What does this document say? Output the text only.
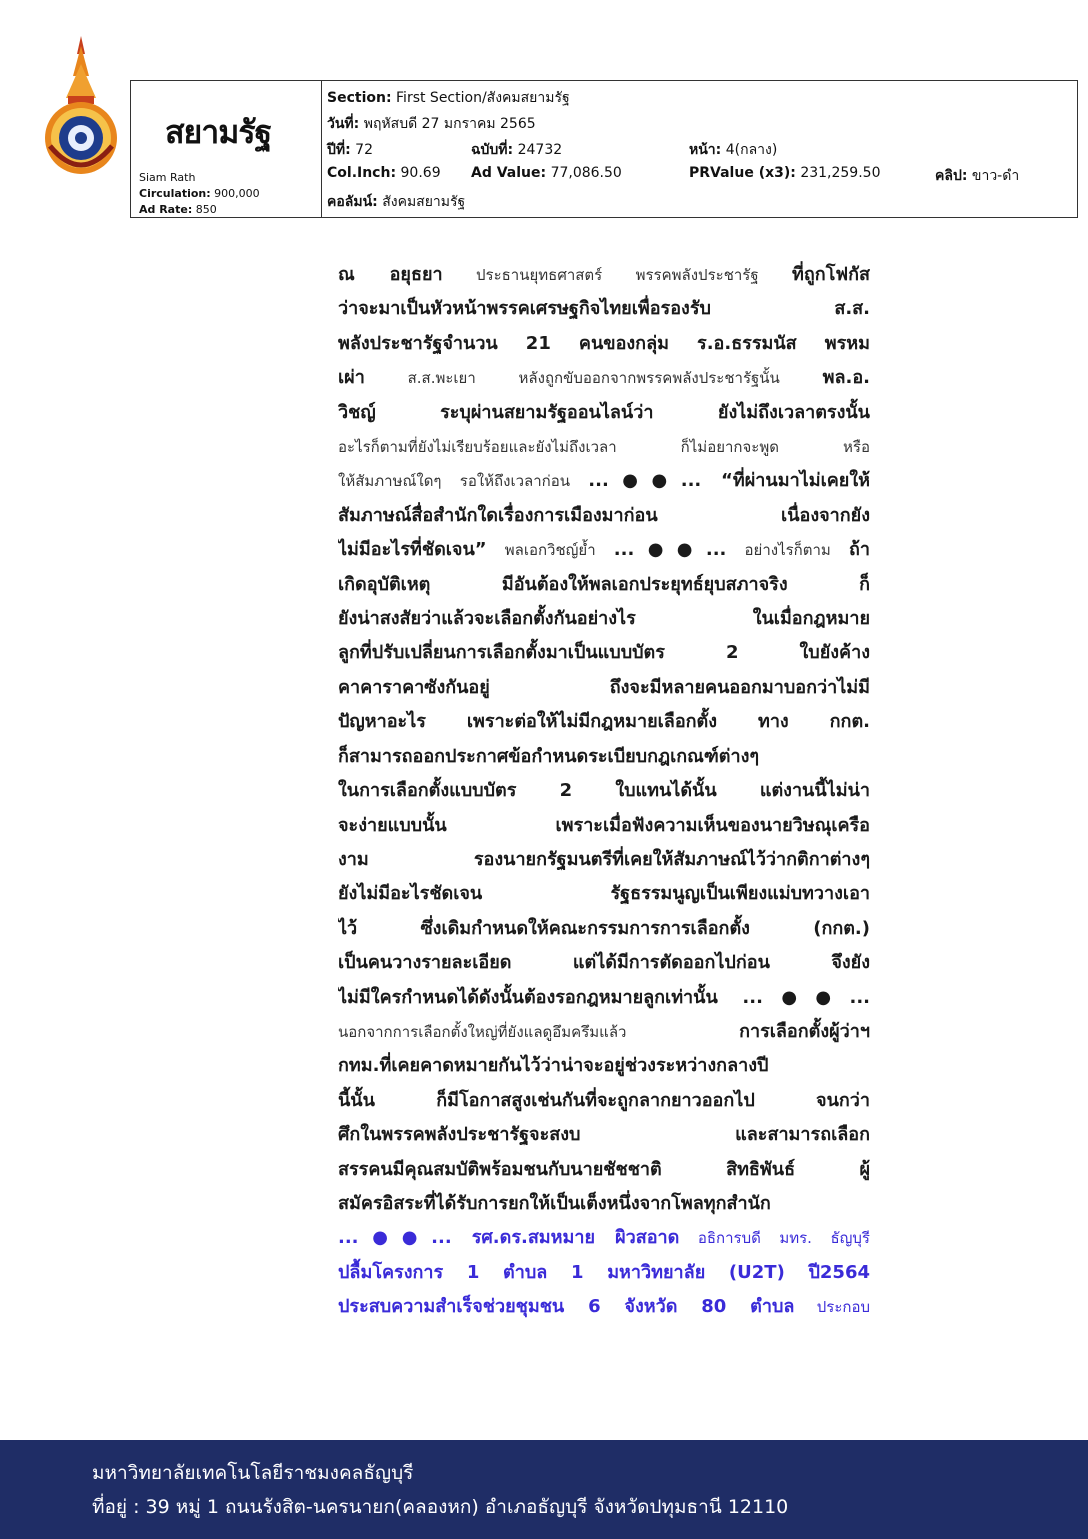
สยามรัฐ
Siam Rath
Circulation: 900,000
Ad Rate: 850
Section: First Section/สังคมสยามรัฐ
วันที่: พฤหัสบดี 27 มกราคม 2565
ปีที่: 72	ฉบับที่: 24732	หน้า: 4(กลาง)
Col.Inch: 90.69 Ad Value: 77,086.50	PRValue (x3): 231,259.50	คลิป: ขาว-ดำ
คอลัมน์: สังคมสยามรัฐ

ณ อยุธยา ประธานยุทธศาสตร์ พรรคพลังประชารัฐ ที่ถูกโฟกัส

ว่าจะมาเป็นหัวหน้าพรรคเศรษฐกิจไทยเพื่อรองรับ ส.ส.

พลังประชารัฐจำนวน 21 คนของกลุ่ม ร.อ.ธรรมนัส พรหม

เผ่า ส.ส.พะเยา หลังถูกขับออกจากพรรคพลังประชารัฐนั้น พล.อ.

วิชญ์ ระบุผ่านสยามรัฐออนไลน์ว่า ยังไม่ถึงเวลาตรงนั้น

อะไรก็ตามที่ยังไม่เรียบร้อยและยังไม่ถึงเวลา ก็ไม่อยากจะพูด หรือ

ให้สัมภาษณ์ใดๆ รอให้ถึงเวลาก่อน ...●●... “ที่ผ่านมาไม่เคยให้

สัมภาษณ์สื่อสำนักใดเรื่องการเมืองมาก่อน เนื่องจากยัง

ไม่มีอะไรที่ชัดเจน” พลเอกวิชญ์ย้ำ ...●●... อย่างไรก็ตาม ถ้า

เกิดอุบัติเหตุ มีอันต้องให้พลเอกประยุทธ์ยุบสภาจริง ก็

ยังน่าสงสัยว่าแล้วจะเลือกตั้งกันอย่างไร ในเมื่อกฎหมาย

ลูกที่ปรับเปลี่ยนการเลือกตั้งมาเป็นแบบบัตร 2 ใบยังค้าง

คาคาราคาซังกันอยู่ ถึงจะมีหลายคนออกมาบอกว่าไม่มี

ปัญหาอะไร เพราะต่อให้ไม่มีกฎหมายเลือกตั้ง ทาง กกต.

ก็สามารถออกประกาศข้อกำหนดระเบียบกฎเกณฑ์ต่างๆ

ในการเลือกตั้งแบบบัตร 2 ใบแทนได้นั้น แต่งานนี้ไม่น่า

จะง่ายแบบนั้น เพราะเมื่อฟังความเห็นของนายวิษณุเครือ

งาม รองนายกรัฐมนตรีที่เคยให้สัมภาษณ์ไว้ว่ากติกาต่างๆ

ยังไม่มีอะไรชัดเจน รัฐธรรมนูญเป็นเพียงแม่บทวางเอา

ไว้ ซึ่งเดิมกำหนดให้คณะกรรมการการเลือกตั้ง (กกต.)

เป็นคนวางรายละเอียด แต่ได้มีการตัดออกไปก่อน จึงยัง

ไม่มีใครกำหนดได้ดังนั้นต้องรอกฎหมายลูกเท่านั้น ...●●...

นอกจากการเลือกตั้งใหญ่ที่ยังแลดูอึมครึมแล้ว การเลือกตั้งผู้ว่าฯ

กทม.ที่เคยคาดหมายกันไว้ว่าน่าจะอยู่ช่วงระหว่างกลางปี

นี้นั้น ก็มีโอกาสสูงเช่นกันที่จะถูกลากยาวออกไป จนกว่า

ศึกในพรรคพลังประชารัฐจะสงบ และสามารถเลือก

สรรคนมีคุณสมบัติพร้อมชนกับนายชัชชาติ สิทธิพันธ์ ผู้

สมัครอิสระที่ได้รับการยกให้เป็นเต็งหนึ่งจากโพลทุกสำนัก

...●●... รศ.ดร.สมหมาย ผิวสอาด อธิการบดี มทร. ธัญบุรี

ปลื้มโครงการ 1 ตำบล 1 มหาวิทยาลัย (U2T) ปี2564

ประสบความสำเร็จช่วยชุมชน 6 จังหวัด 80 ตำบล ประกอบ

มหาวิทยาลัยเทคโนโลยีราชมงคลธัญบุรี
ที่อยู่ : 39 หมู่ 1 ถนนรังสิต-นครนายก(คลองหก) อำเภอธัญบุรี จังหวัดปทุมธานี 12110
